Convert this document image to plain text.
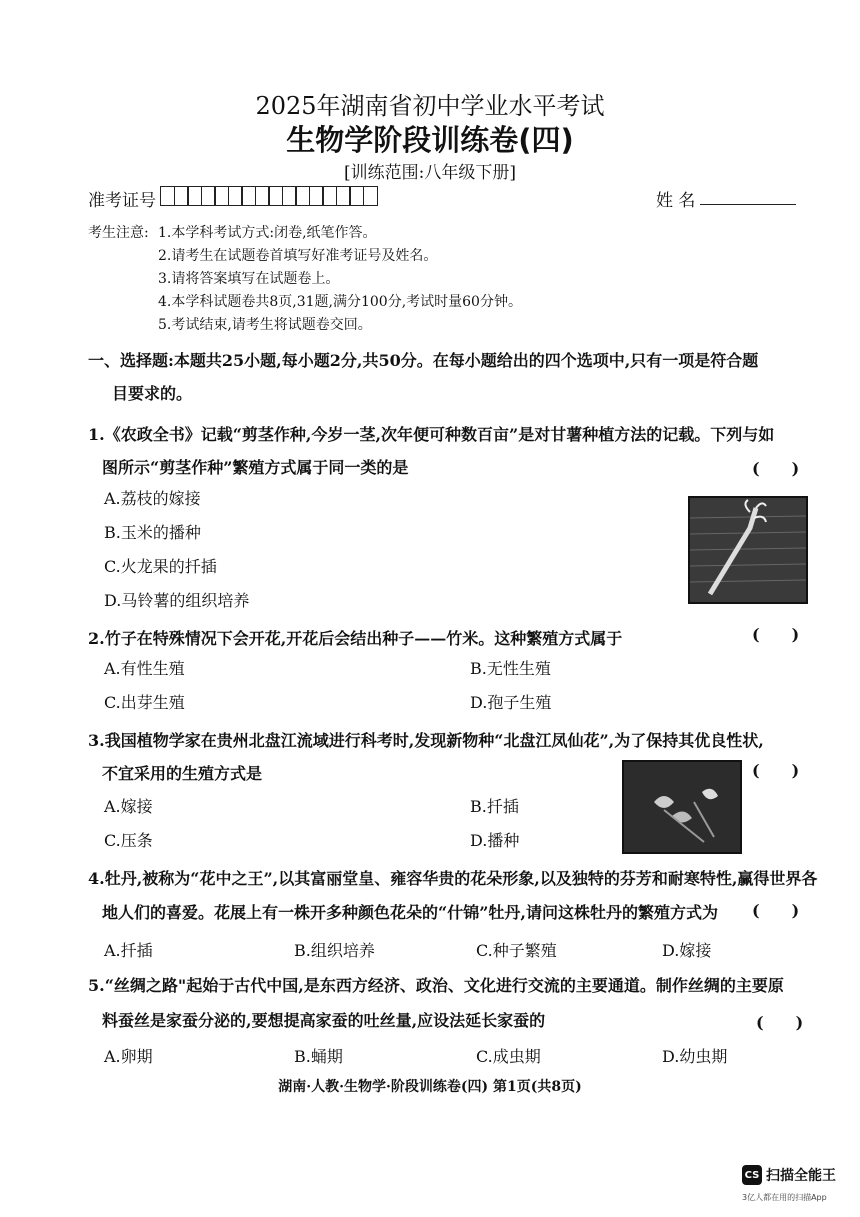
2025年湖南省初中学业水平考试
生物学阶段训练卷(四)
[训练范围:八年级下册]
准考证号	姓 名
考生注意: 1.本学科考试方式:闭卷,纸笔作答。
2.请考生在试题卷首填写好准考证号及姓名。
3.请将答案填写在试题卷上。
4.本学科试题卷共8页,31题,满分100分,考试时量60分钟。
5.考试结束,请考生将试题卷交回。
一、选择题:本题共25小题,每小题2分,共50分。在每小题给出的四个选项中,只有一项是符合题
目要求的。
1.《农政全书》记载“剪茎作种,今岁一茎,次年便可种数百亩”是对甘薯种植方法的记载。下列与如
图所示“剪茎作种”繁殖方式属于同一类的是	(　　)
A.荔枝的嫁接
B.玉米的播种
C.火龙果的扦插
D.马铃薯的组织培养
2.竹子在特殊情况下会开花,开花后会结出种子——竹米。这种繁殖方式属于	(　　)
A.有性生殖	B.无性生殖
C.出芽生殖	D.孢子生殖
3.我国植物学家在贵州北盘江流域进行科考时,发现新物种“北盘江凤仙花”,为了保持其优良性状,
不宜采用的生殖方式是	(　　)
A.嫁接	B.扦插
C.压条	D.播种
4.牡丹,被称为“花中之王”,以其富丽堂皇、雍容华贵的花朵形象,以及独特的芬芳和耐寒特性,赢得世界各
地人们的喜爱。花展上有一株开多种颜色花朵的“什锦”牡丹,请问这株牡丹的繁殖方式为	(　　)
A.扦插	B.组织培养	C.种子繁殖	D.嫁接
5.“丝绸之路"起始于古代中国,是东西方经济、政治、文化进行交流的主要通道。制作丝绸的主要原
料蚕丝是家蚕分泌的,要想提高家蚕的吐丝量,应设法延长家蚕的	(　　)
A.卵期	B.蛹期	C.成虫期	D.幼虫期
湖南·人教·生物学·阶段训练卷(四) 第1页(共8页)
CS 扫描全能王
3亿人都在用的扫描App
